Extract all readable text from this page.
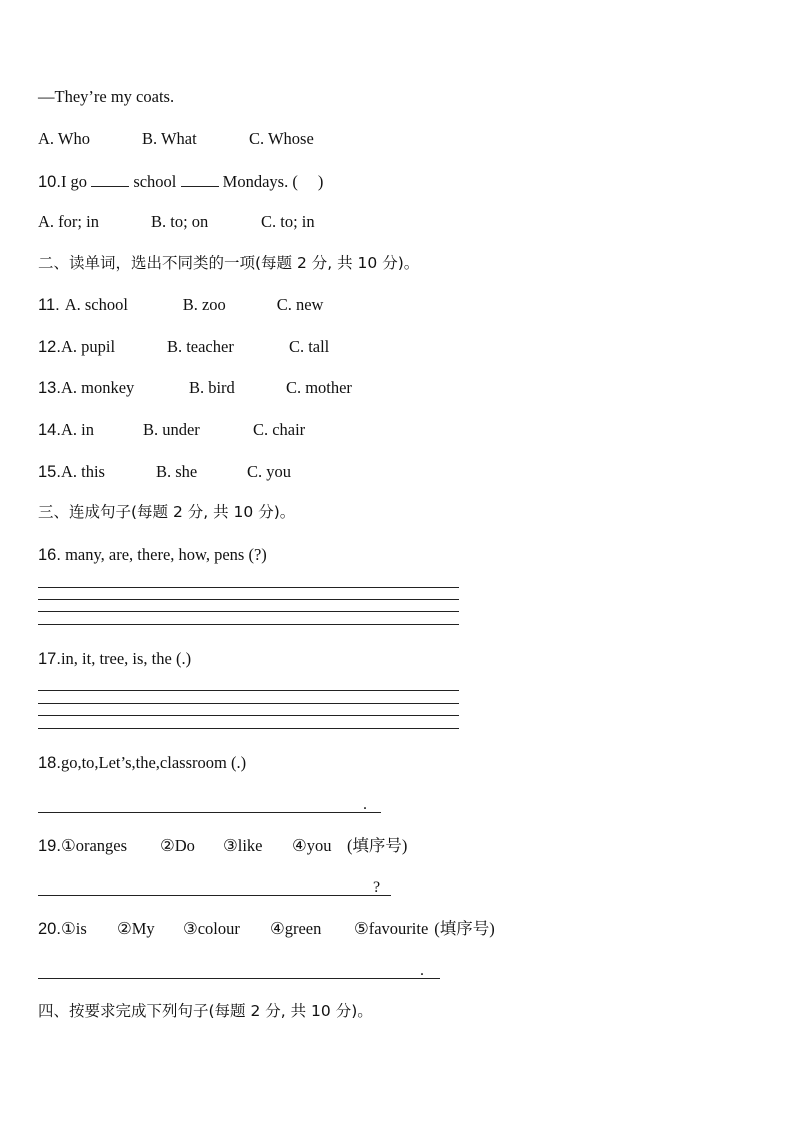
—They’re my coats.
A. Who	B. What	C. Whose
10.I go	school	Mondays. ( )
A. for; in	B. to; on	C. to; in
二、读单词，选出不同类的一项(每题 2 分, 共 10 分)。
11. A. school	B. zoo	C. new
12.A. pupil	B. teacher	C. tall
13.A. monkey	B. bird	C. mother
14.A. in	B. under	C. chair
15.A. this	B. she	C. you
三、连成句子(每题 2 分, 共 10 分)。
16. many, are, there, how, pens (?)
17.in, it, tree, is, the (.)
18.go,to,Let’s,the,classroom (.)
.
19.①oranges ②Do ③like ④you (填序号)
?
20.①is ②My ③colour ④green ⑤favourite (填序号)
.
四、按要求完成下列句子(每题 2 分, 共 10 分)。
